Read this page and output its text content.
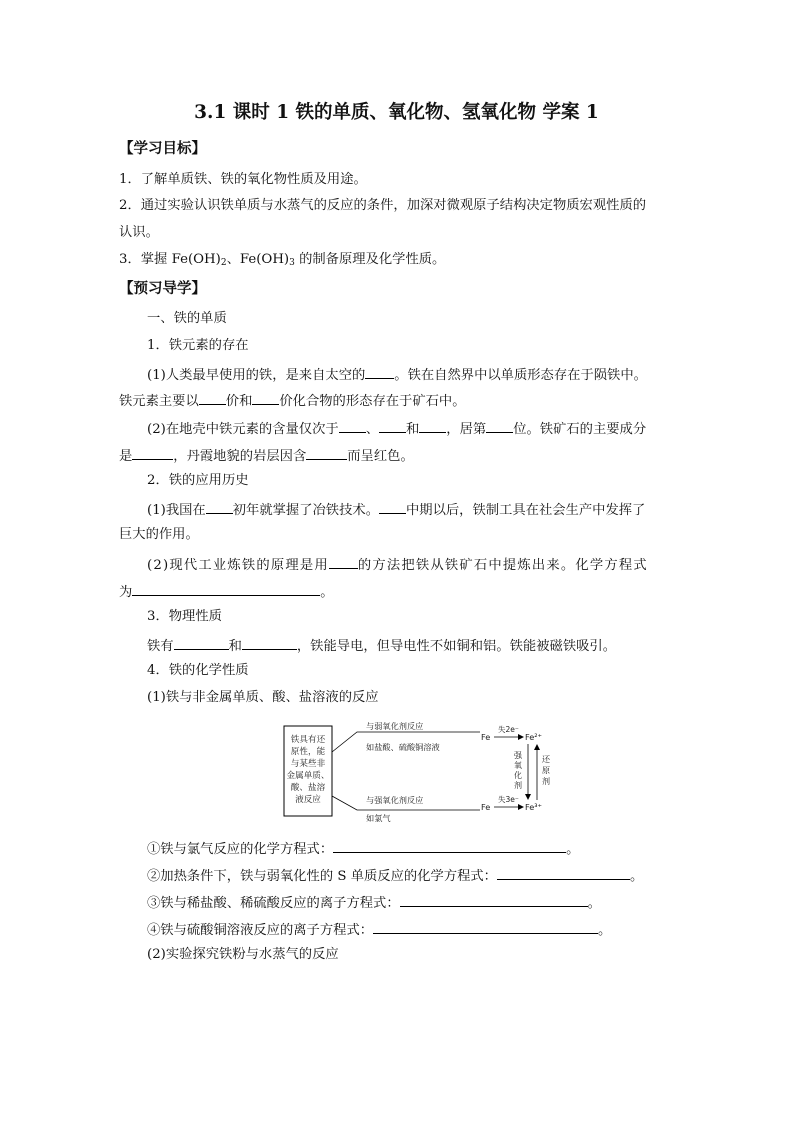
3.1 课时 1 铁的单质、氧化物、氢氧化物 学案 1
【学习目标】
1．了解单质铁、铁的氧化物性质及用途。
2．通过实验认识铁单质与水蒸气的反应的条件，加深对微观原子结构决定物质宏观性质的
认识。
3．掌握 $Fe(OH)_2$、$Fe(OH)_3$ 的制备原理及化学性质。
【预习导学】
一、铁的单质
1．铁元素的存在
(1)人类最早使用的铁，是来自太空的 。铁在自然界中以单质形态存在于陨铁中。
铁元素主要以 价和 价化合物的形态存在于矿石中。
(2)在地壳中铁元素的含量仅次于 、 和 ，居第 位。铁矿石的主要成分
是	，丹霞地貌的岩层因含	而呈红色。
2．铁的应用历史
(1)我国在 初年就掌握了冶铁技术。 中期以后，铁制工具在社会生产中发挥了
巨大的作用。
(2)现代工业炼铁的原理是用 的方法把铁从铁矿石中提炼出来。化学方程式
为	。
3．物理性质
铁有	和	，铁能导电，但导电性不如铜和铝。铁能被磁铁吸引。
4．铁的化学性质
(1)铁与非金属单质、酸、盐溶液的反应
铁具有还
原性，能
与某些非
金属单质、
酸、盐溶
液反应
与弱氧化剂反应
如盐酸、硫酸铜溶液
与强氧化剂反应
如氯气
Fe
失2e⁻
Fe²⁺
Fe
失3e⁻
Fe³⁺
强
氧
化
剂
还
原
剂
①铁与氯气反应的化学方程式：	。
②加热条件下，铁与弱氧化性的 S 单质反应的化学方程式：	。
③铁与稀盐酸、稀硫酸反应的离子方程式：	。
④铁与硫酸铜溶液反应的离子方程式：	。
(2)实验探究铁粉与水蒸气的反应
